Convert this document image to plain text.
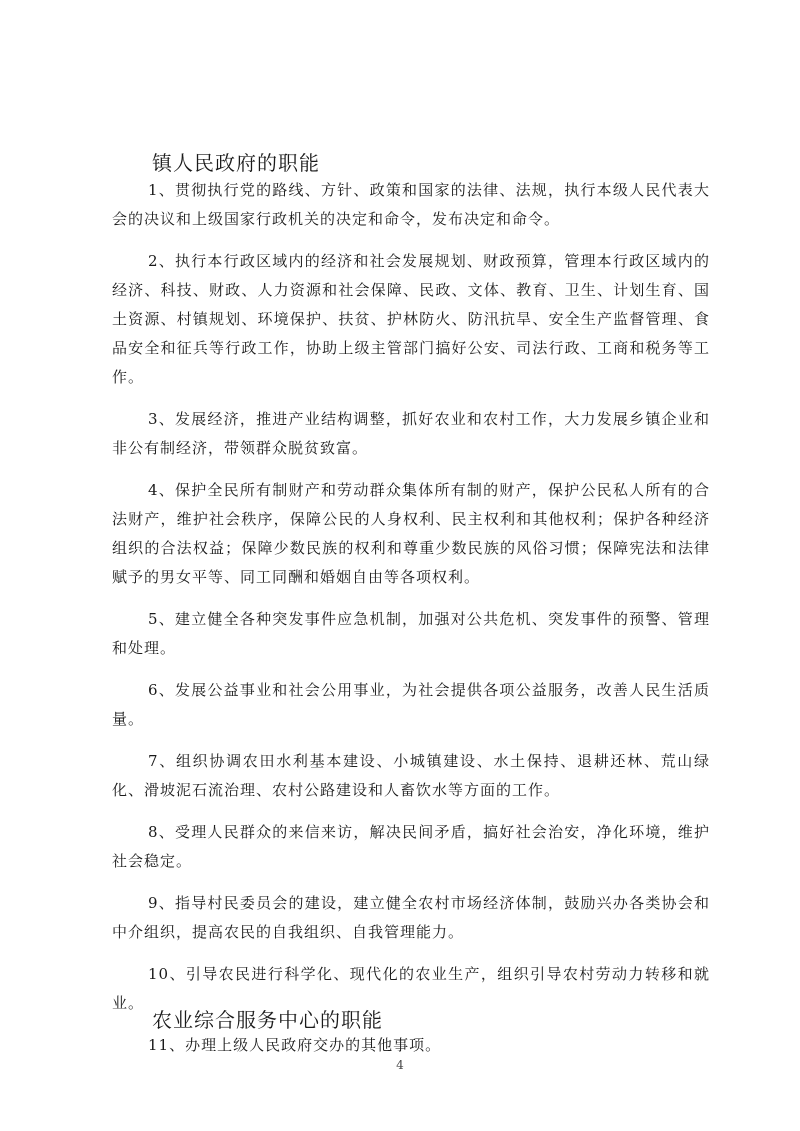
镇人民政府的职能

1、贯彻执行党的路线、方针、政策和国家的法律、法规，执行本级人民代表大会的决议和上级国家行政机关的决定和命令，发布决定和命令。

2、执行本行政区域内的经济和社会发展规划、财政预算，管理本行政区域内的经济、科技、财政、人力资源和社会保障、民政、文体、教育、卫生、计划生育、国土资源、村镇规划、环境保护、扶贫、护林防火、防汛抗旱、安全生产监督管理、食品安全和征兵等行政工作，协助上级主管部门搞好公安、司法行政、工商和税务等工作。

3、发展经济，推进产业结构调整，抓好农业和农村工作，大力发展乡镇企业和非公有制经济，带领群众脱贫致富。

4、保护全民所有制财产和劳动群众集体所有制的财产，保护公民私人所有的合法财产，维护社会秩序，保障公民的人身权利、民主权利和其他权利；保护各种经济组织的合法权益；保障少数民族的权利和尊重少数民族的风俗习惯；保障宪法和法律赋予的男女平等、同工同酬和婚姻自由等各项权利。

5、建立健全各种突发事件应急机制，加强对公共危机、突发事件的预警、管理和处理。

6、发展公益事业和社会公用事业，为社会提供各项公益服务，改善人民生活质量。

7、组织协调农田水利基本建设、小城镇建设、水土保持、退耕还林、荒山绿化、滑坡泥石流治理、农村公路建设和人畜饮水等方面的工作。

8、受理人民群众的来信来访，解决民间矛盾，搞好社会治安，净化环境，维护社会稳定。

9、指导村民委员会的建设，建立健全农村市场经济体制，鼓励兴办各类协会和中介组织，提高农民的自我组织、自我管理能力。

10、引导农民进行科学化、现代化的农业生产，组织引导农村劳动力转移和就业。

11、办理上级人民政府交办的其他事项。

农业综合服务中心的职能
4
